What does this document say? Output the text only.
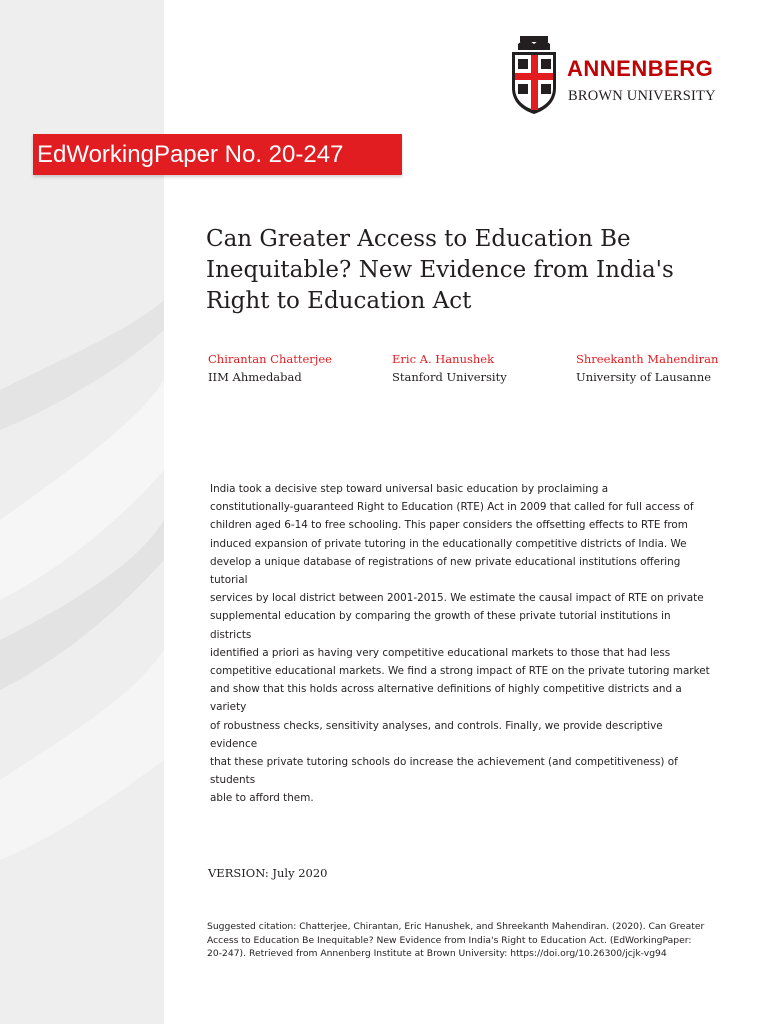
ANNENBERG
BROWN UNIVERSITY
EdWorkingPaper No. 20-247
Can Greater Access to Education Be
Inequitable? New Evidence from India's
Right to Education Act
Chirantan Chatterjee
IIM Ahmedabad
Eric A. Hanushek
Stanford University
Shreekanth Mahendiran
University of Lausanne
India took a decisive step toward universal basic education by proclaiming a
constitutionally-guaranteed Right to Education (RTE) Act in 2009 that called for full access of
children aged 6-14 to free schooling. This paper considers the offsetting effects to RTE from
induced expansion of private tutoring in the educationally competitive districts of India. We
develop a unique database of registrations of new private educational institutions offering tutorial
services by local district between 2001-2015. We estimate the causal impact of RTE on private
supplemental education by comparing the growth of these private tutorial institutions in districts
identified a priori as having very competitive educational markets to those that had less
competitive educational markets. We find a strong impact of RTE on the private tutoring market
and show that this holds across alternative definitions of highly competitive districts and a variety
of robustness checks, sensitivity analyses, and controls. Finally, we provide descriptive evidence
that these private tutoring schools do increase the achievement (and competitiveness) of students
able to afford them.
VERSION: July 2020
Suggested citation: Chatterjee, Chirantan, Eric Hanushek, and Shreekanth Mahendiran. (2020). Can Greater
Access to Education Be Inequitable? New Evidence from India's Right to Education Act. (EdWorkingPaper:
20-247). Retrieved from Annenberg Institute at Brown University: https://doi.org/10.26300/jcjk-vg94
